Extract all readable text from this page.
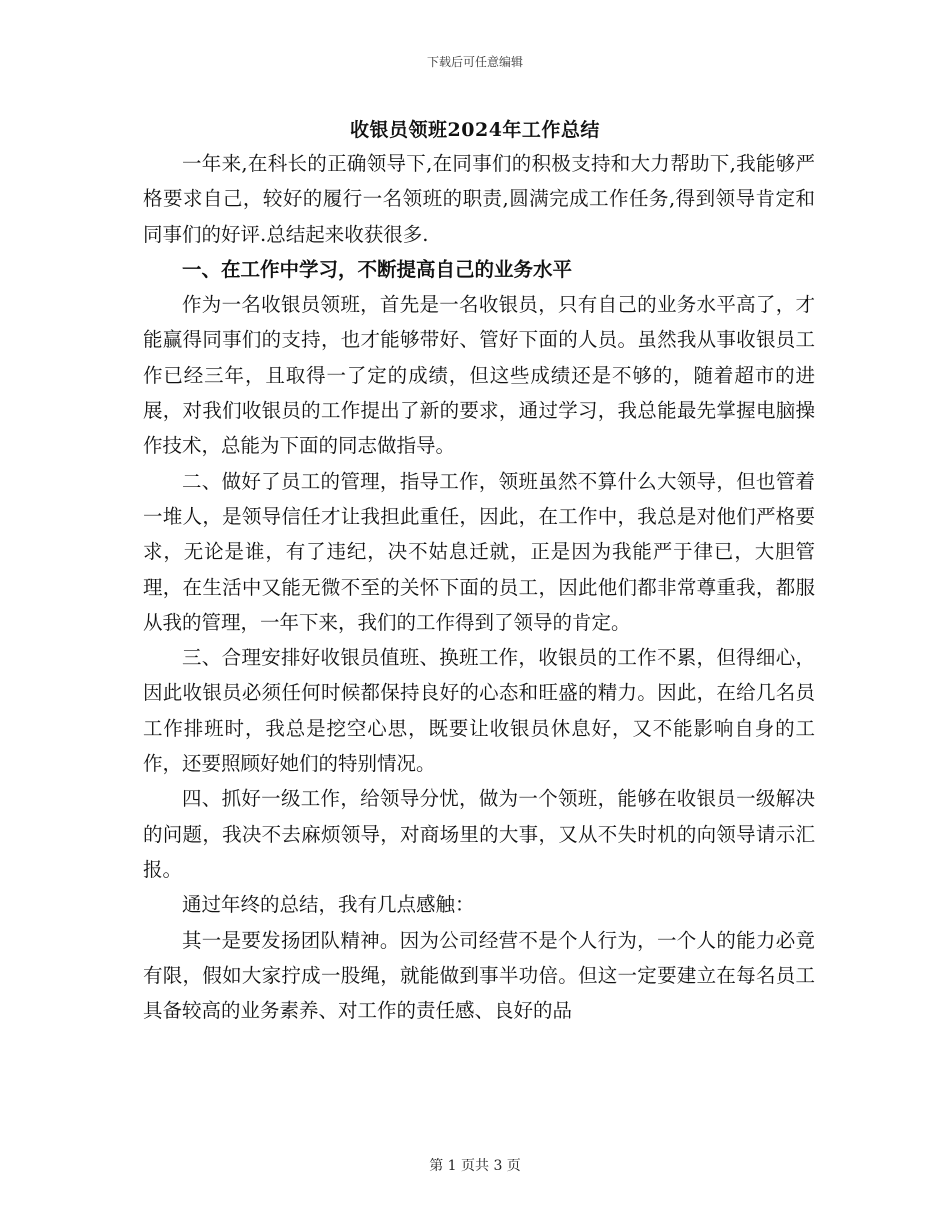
下载后可任意编辑
收银员领班2024年工作总结

一年来,在科长的正确领导下,在同事们的积极支持和大力帮助下,我能够严格要求自己，较好的履行一名领班的职责,圆满完成工作任务,得到领导肯定和同事们的好评.总结起来收获很多.

一、在工作中学习，不断提高自己的业务水平

作为一名收银员领班，首先是一名收银员，只有自己的业务水平高了，才能赢得同事们的支持，也才能够带好、管好下面的人员。虽然我从事收银员工作已经三年，且取得一了定的成绩，但这些成绩还是不够的，随着超市的进展，对我们收银员的工作提出了新的要求，通过学习，我总能最先掌握电脑操作技术，总能为下面的同志做指导。

二、做好了员工的管理，指导工作，领班虽然不算什么大领导，但也管着一堆人，是领导信任才让我担此重任，因此，在工作中，我总是对他们严格要求，无论是谁，有了违纪，决不姑息迁就，正是因为我能严于律已，大胆管理，在生活中又能无微不至的关怀下面的员工，因此他们都非常尊重我，都服从我的管理，一年下来，我们的工作得到了领导的肯定。

三、合理安排好收银员值班、换班工作，收银员的工作不累，但得细心，因此收银员必须任何时候都保持良好的心态和旺盛的精力。因此，在给几名员工作排班时，我总是挖空心思，既要让收银员休息好，又不能影响自身的工作，还要照顾好她们的特别情况。

四、抓好一级工作，给领导分忧，做为一个领班，能够在收银员一级解决的问题，我决不去麻烦领导，对商场里的大事，又从不失时机的向领导请示汇报。

通过年终的总结，我有几点感触：

其一是要发扬团队精神。因为公司经营不是个人行为，一个人的能力必竟有限，假如大家拧成一股绳，就能做到事半功倍。但这一定要建立在每名员工具备较高的业务素养、对工作的责任感、良好的品

第 1 页共 3 页
